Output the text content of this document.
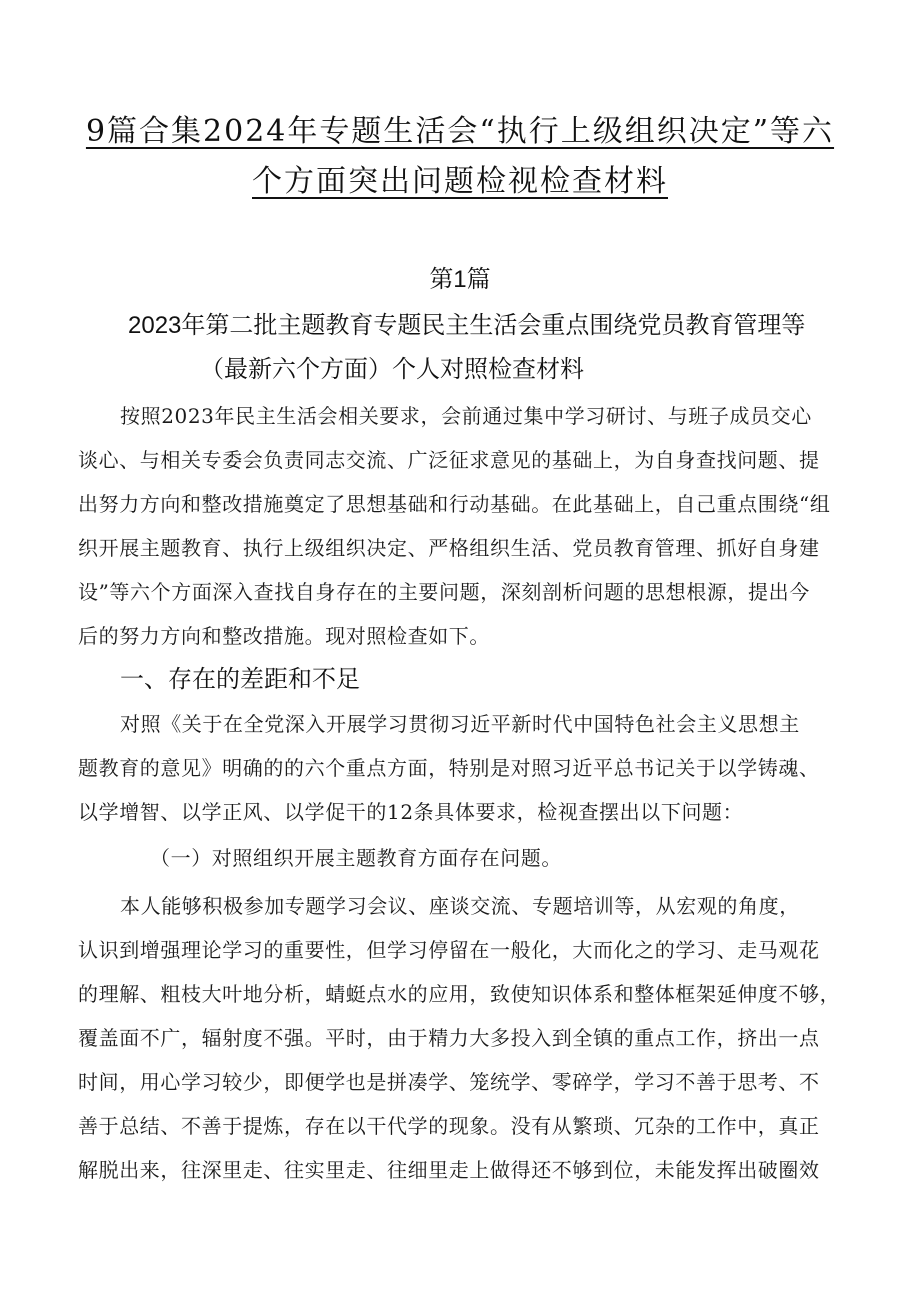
9篇合集2024年专题生活会“执行上级组织决定”等六
个方面突出问题检视检查材料
第1篇
2023年第二批主题教育专题民主生活会重点围绕党员教育管理等
（最新六个方面）个人对照检查材料
按照2023年民主生活会相关要求，会前通过集中学习研讨、与班子成员交心
谈心、与相关专委会负责同志交流、广泛征求意见的基础上，为自身查找问题、提
出努力方向和整改措施奠定了思想基础和行动基础。在此基础上，自己重点围绕“组
织开展主题教育、执行上级组织决定、严格组织生活、党员教育管理、抓好自身建
设”等六个方面深入查找自身存在的主要问题，深刻剖析问题的思想根源，提出今
后的努力方向和整改措施。现对照检查如下。
一、存在的差距和不足
对照《关于在全党深入开展学习贯彻习近平新时代中国特色社会主义思想主
题教育的意见》明确的的六个重点方面，特别是对照习近平总书记关于以学铸魂、
以学增智、以学正风、以学促干的12条具体要求，检视查摆出以下问题：
（一）对照组织开展主题教育方面存在问题。
本人能够积极参加专题学习会议、座谈交流、专题培训等，从宏观的角度，
认识到增强理论学习的重要性，但学习停留在一般化，大而化之的学习、走马观花
的理解、粗枝大叶地分析，蜻蜓点水的应用，致使知识体系和整体框架延伸度不够，
覆盖面不广，辐射度不强。平时，由于精力大多投入到全镇的重点工作，挤出一点
时间，用心学习较少，即便学也是拼凑学、笼统学、零碎学，学习不善于思考、不
善于总结、不善于提炼，存在以干代学的现象。没有从繁琐、冗杂的工作中，真正
解脱出来，往深里走、往实里走、往细里走上做得还不够到位，未能发挥出破圈效
